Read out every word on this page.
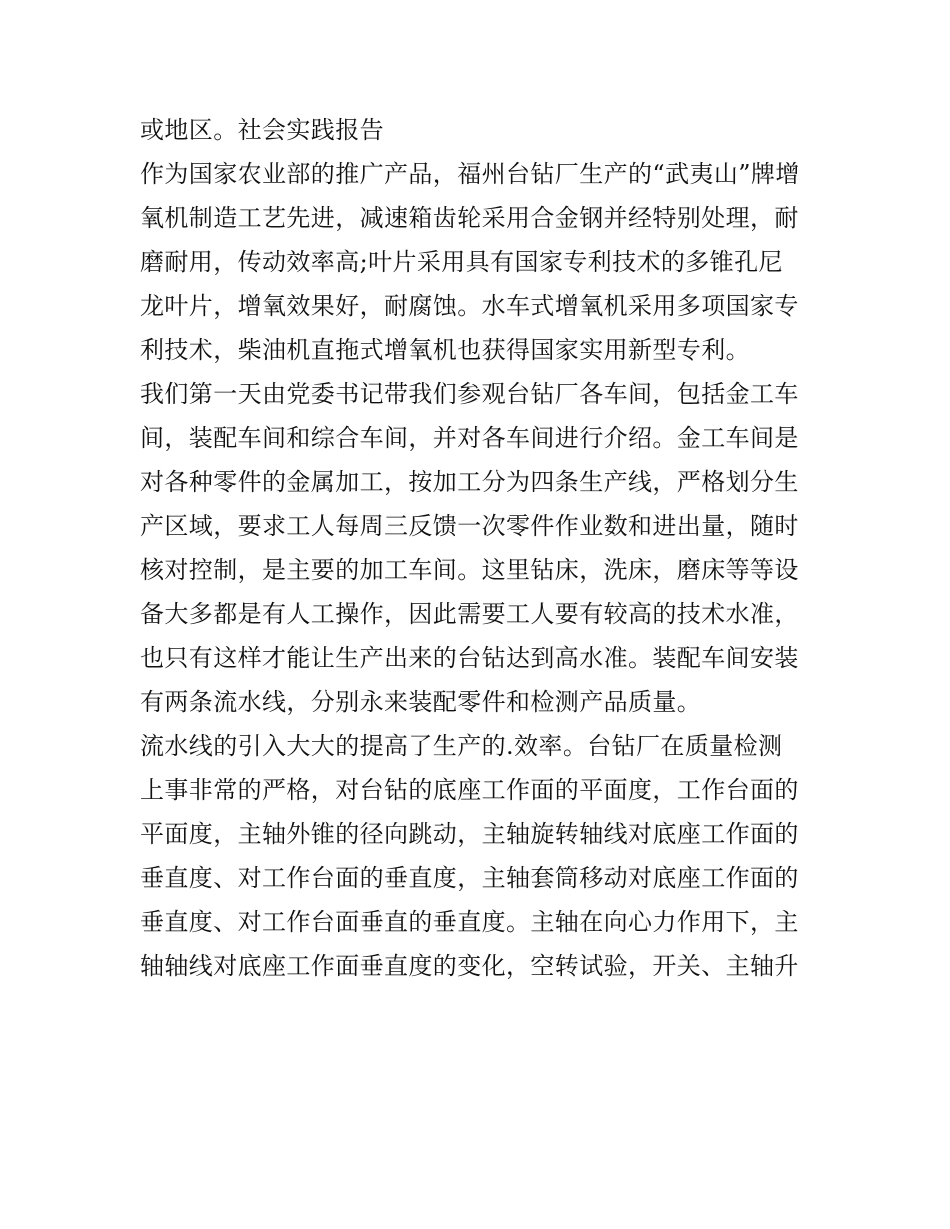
或地区。社会实践报告
作为国家农业部的推广产品，福州台钻厂生产的“武夷山”牌增
氧机制造工艺先进，减速箱齿轮采用合金钢并经特别处理，耐
磨耐用，传动效率高;叶片采用具有国家专利技术的多锥孔尼
龙叶片，增氧效果好，耐腐蚀。水车式增氧机采用多项国家专
利技术，柴油机直拖式增氧机也获得国家实用新型专利。
我们第一天由党委书记带我们参观台钻厂各车间，包括金工车
间，装配车间和综合车间，并对各车间进行介绍。金工车间是
对各种零件的金属加工，按加工分为四条生产线，严格划分生
产区域，要求工人每周三反馈一次零件作业数和进出量，随时
核对控制，是主要的加工车间。这里钻床，洗床，磨床等等设
备大多都是有人工操作，因此需要工人要有较高的技术水准，
也只有这样才能让生产出来的台钻达到高水准。装配车间安装
有两条流水线，分别永来装配零件和检测产品质量。
流水线的引入大大的提高了生产的.效率。台钻厂在质量检测
上事非常的严格，对台钻的底座工作面的平面度，工作台面的
平面度，主轴外锥的径向跳动，主轴旋转轴线对底座工作面的
垂直度、对工作台面的垂直度，主轴套筒移动对底座工作面的
垂直度、对工作台面垂直的垂直度。主轴在向心力作用下，主
轴轴线对底座工作面垂直度的变化，空转试验，开关、主轴升
